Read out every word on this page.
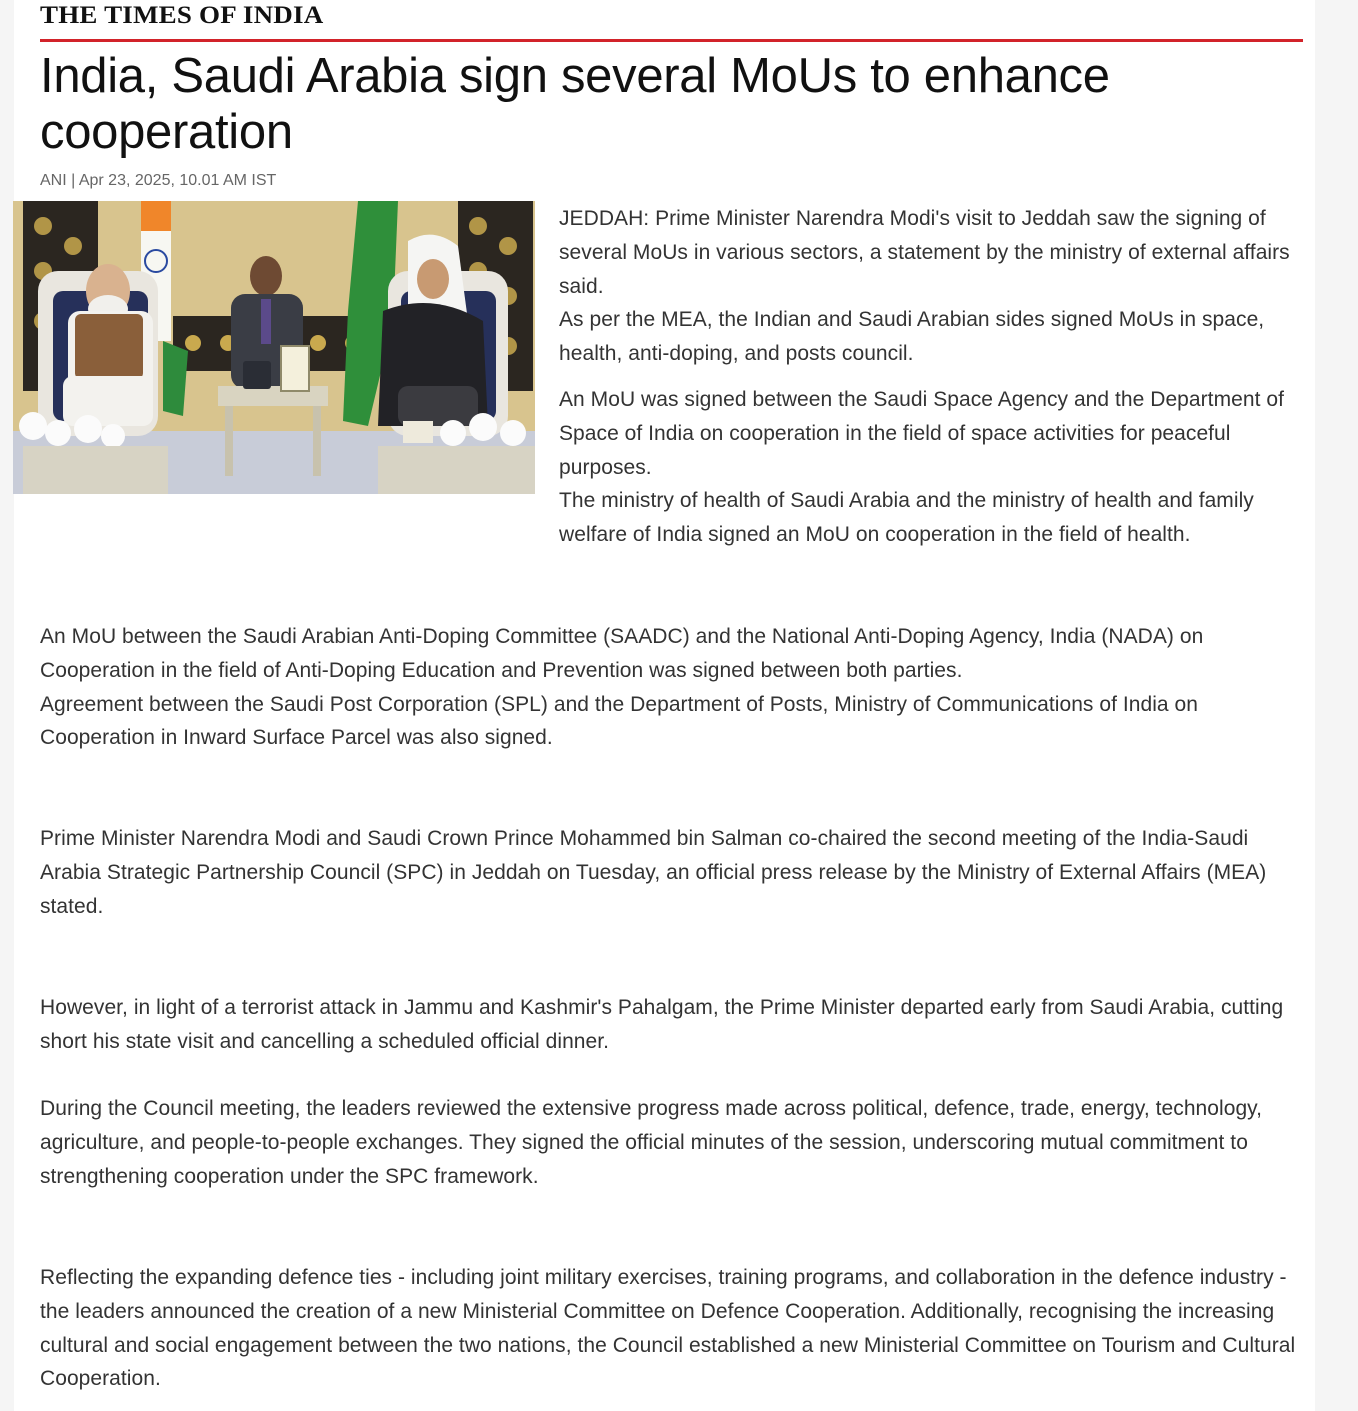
THE TIMES OF INDIA
India, Saudi Arabia sign several MoUs to enhance cooperation
ANI | Apr 23, 2025, 10.01 AM IST

JEDDAH: Prime Minister Narendra Modi's visit to Jeddah saw the signing of several MoUs in various sectors, a statement by the ministry of external affairs said.

As per the MEA, the Indian and Saudi Arabian sides signed MoUs in space, health, anti-doping, and posts council.

An MoU was signed between the Saudi Space Agency and the Department of Space of India on cooperation in the field of space activities for peaceful purposes.

The ministry of health of Saudi Arabia and the ministry of health and family welfare of India signed an MoU on cooperation in the field of health.

An MoU between the Saudi Arabian Anti-Doping Committee (SAADC) and the National Anti-Doping Agency, India (NADA) on Cooperation in the field of Anti-Doping Education and Prevention was signed between both parties.

Agreement between the Saudi Post Corporation (SPL) and the Department of Posts, Ministry of Communications of India on Cooperation in Inward Surface Parcel was also signed.

Prime Minister Narendra Modi and Saudi Crown Prince Mohammed bin Salman co-chaired the second meeting of the India-Saudi Arabia Strategic Partnership Council (SPC) in Jeddah on Tuesday, an official press release by the Ministry of External Affairs (MEA) stated.

However, in light of a terrorist attack in Jammu and Kashmir's Pahalgam, the Prime Minister departed early from Saudi Arabia, cutting short his state visit and cancelling a scheduled official dinner.

During the Council meeting, the leaders reviewed the extensive progress made across political, defence, trade, energy, technology, agriculture, and people-to-people exchanges. They signed the official minutes of the session, underscoring mutual commitment to strengthening cooperation under the SPC framework.

Reflecting the expanding defence ties - including joint military exercises, training programs, and collaboration in the defence industry - the leaders announced the creation of a new Ministerial Committee on Defence Cooperation. Additionally, recognising the increasing cultural and social engagement between the two nations, the Council established a new Ministerial Committee on Tourism and Cultural Cooperation.
